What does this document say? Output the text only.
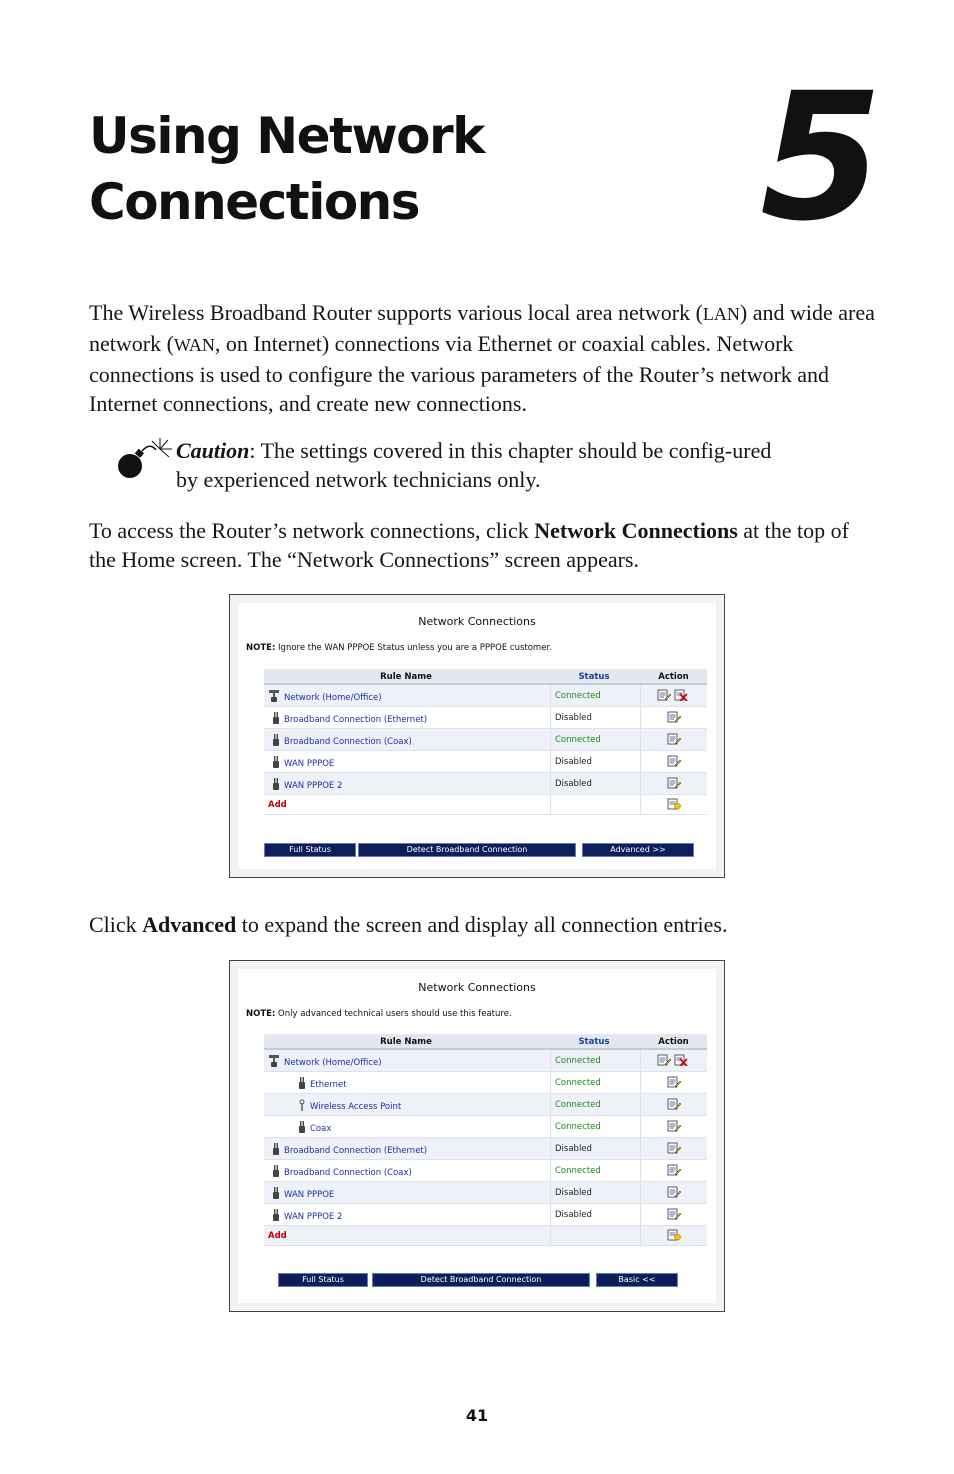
Using Network
Connections	5

The Wireless Broadband Router supports various local area network (LAN) and wide area network (WAN, on Internet) connections via Ethernet or coaxial cables. Network connections is used to configure the various parameters of the Router’s network and Internet connections, and create new connections.

Caution: The settings covered in this chapter should be config-ured by experienced network technicians only.

To access the Router’s network connections, click Network Connections at the top of the Home screen. The “Network Connections” screen appears.

Network Connections
NOTE: Ignore the WAN PPPOE Status unless you are a PPPOE customer.
Rule Name	Status	Action
Network (Home/Office)	Connected
Broadband Connection (Ethernet)	Disabled
Broadband Connection (Coax)	Connected
WAN PPPOE	Disabled
WAN PPPOE 2	Disabled
Add
Full Status	Detect Broadband Connection	Advanced >>

Click Advanced to expand the screen and display all connection entries.

Network Connections
NOTE: Only advanced technical users should use this feature.
Rule Name	Status	Action
Network (Home/Office)	Connected
Ethernet	Connected
Wireless Access Point	Connected
Coax	Connected
Broadband Connection (Ethernet)	Disabled
Broadband Connection (Coax)	Connected
WAN PPPOE	Disabled
WAN PPPOE 2	Disabled
Add
Full Status	Detect Broadband Connection	Basic <<
41
